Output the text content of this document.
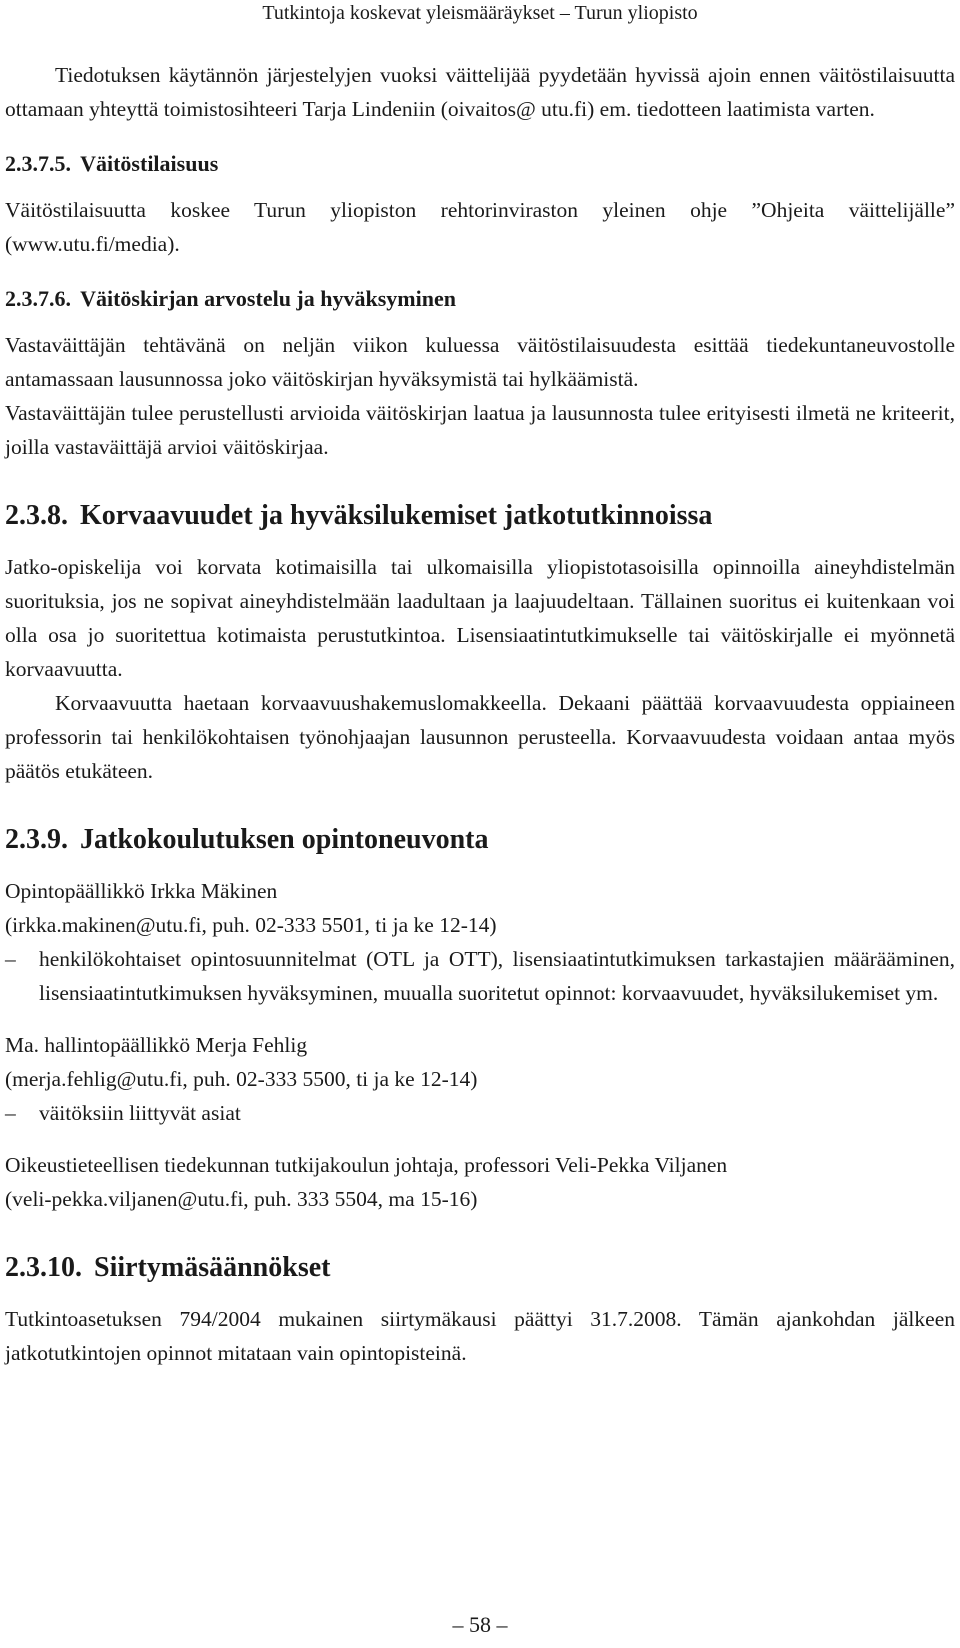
Tutkintoja koskevat yleismääräykset – Turun yliopisto

Tiedotuksen käytännön järjestelyjen vuoksi väittelijää pyydetään hyvissä ajoin ennen väitöstilaisuutta ottamaan yhteyttä toimistosihteeri Tarja Lindeniin (oivaitos@ utu.fi) em. tiedotteen laatimista varten.

2.3.7.5. Väitöstilaisuus

Väitöstilaisuutta koskee Turun yliopiston rehtorinviraston yleinen ohje ”Ohjeita väittelijälle” (www.utu.fi/media).

2.3.7.6. Väitöskirjan arvostelu ja hyväksyminen

Vastaväittäjän tehtävänä on neljän viikon kuluessa väitöstilaisuudesta esittää tiedekuntaneuvostolle antamassaan lausunnossa joko väitöskirjan hyväksymistä tai hylkäämistä.

Vastaväittäjän tulee perustellusti arvioida väitöskirjan laatua ja lausunnosta tulee erityisesti ilmetä ne kriteerit, joilla vastaväittäjä arvioi väitöskirjaa.

2.3.8. Korvaavuudet ja hyväksilukemiset jatkotutkinnoissa

Jatko-opiskelija voi korvata kotimaisilla tai ulkomaisilla yliopistotasoisilla opinnoilla aineyhdistelmän suorituksia, jos ne sopivat aineyhdistelmään laadultaan ja laajuudeltaan. Tällainen suoritus ei kuitenkaan voi olla osa jo suoritettua kotimaista perustutkintoa. Lisensiaatintutkimukselle tai väitöskirjalle ei myönnetä korvaavuutta.

Korvaavuutta haetaan korvaavuushakemuslomakkeella. Dekaani päättää korvaavuudesta oppiaineen professorin tai henkilökohtaisen työnohjaajan lausunnon perusteella. Korvaavuudesta voidaan antaa myös päätös etukäteen.

2.3.9. Jatkokoulutuksen opintoneuvonta

Opintopäällikkö Irkka Mäkinen

(irkka.makinen@utu.fi, puh. 02-333 5501, ti ja ke 12-14)

–	henkilökohtaiset opintosuunnitelmat (OTL ja OTT), lisensiaatintutkimuksen tarkastajien määrääminen, lisensiaatintutkimuksen hyväksyminen, muualla suoritetut opinnot: korvaavuudet, hyväksilukemiset ym.

Ma. hallintopäällikkö Merja Fehlig

(merja.fehlig@utu.fi, puh. 02-333 5500, ti ja ke 12-14)

–	väitöksiin liittyvät asiat

Oikeustieteellisen tiedekunnan tutkijakoulun johtaja, professori Veli-Pekka Viljanen

(veli-pekka.viljanen@utu.fi, puh. 333 5504, ma 15-16)

2.3.10. Siirtymäsäännökset

Tutkintoasetuksen 794/2004 mukainen siirtymäkausi päättyi 31.7.2008. Tämän ajankohdan jälkeen jatkotutkintojen opinnot mitataan vain opintopisteinä.

– 58 –
